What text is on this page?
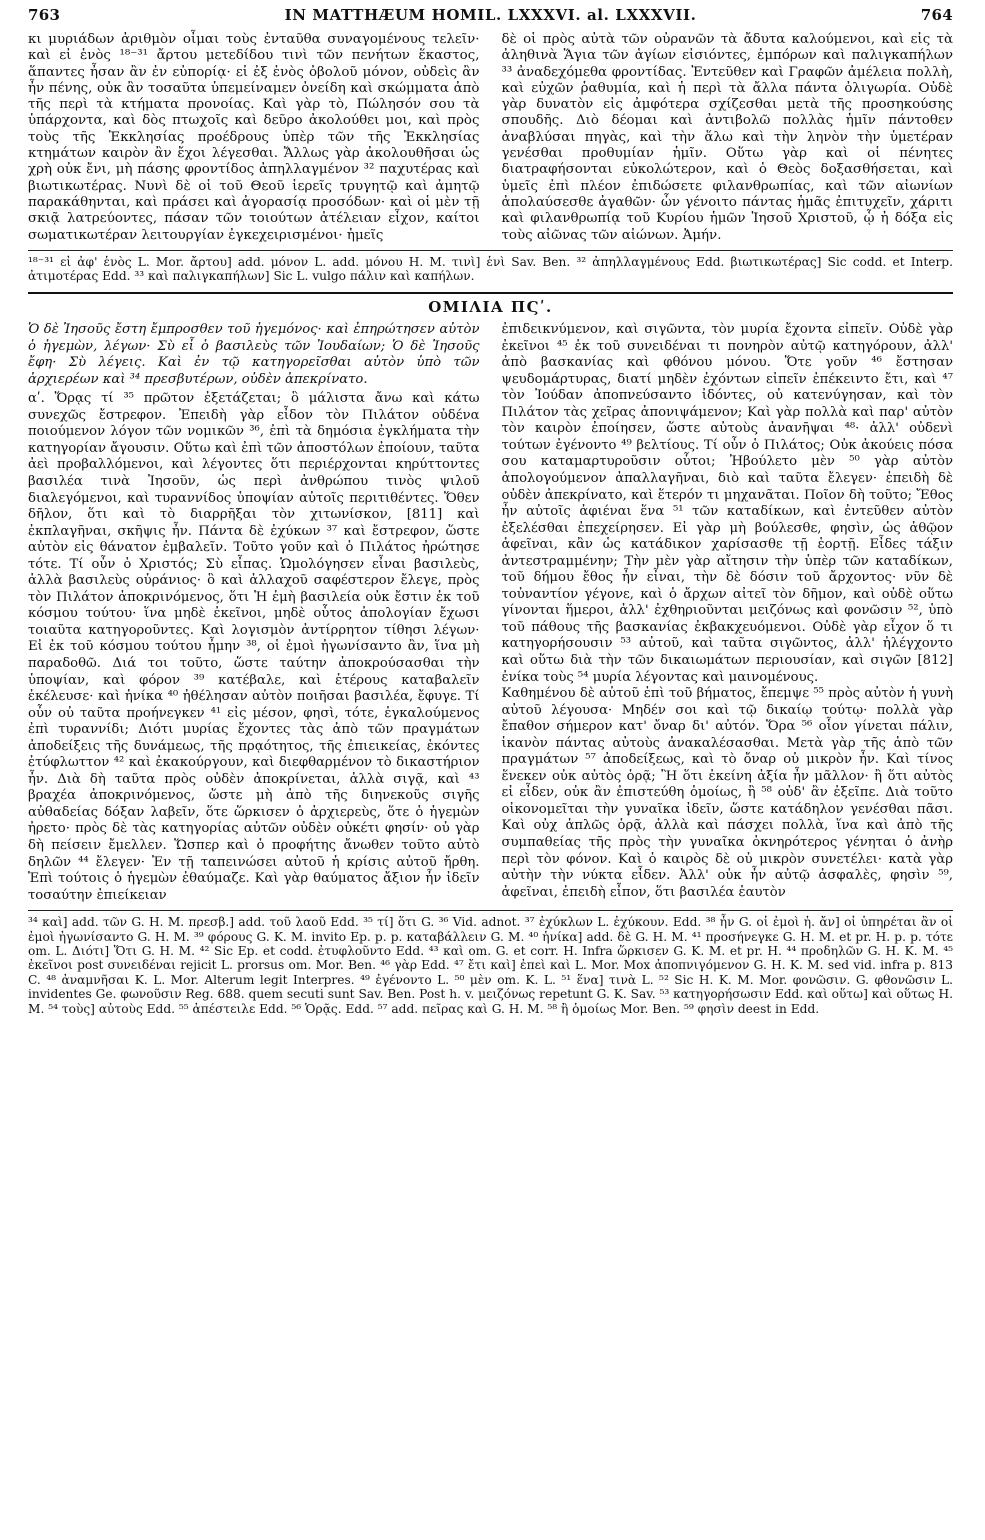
763	IN MATTHÆUM HOMIL. LXXXVI. al. LXXXVII.	764

κι μυριάδων ἀριθμὸν οἶμαι τοὺς ἐνταῦθα συναγομένους τελεῖν· καὶ εἰ ἑνὸς ¹⁸⁻³¹ ἄρτου μετεδίδου τινὶ τῶν πενήτων ἕκαστος, ἅπαντες ἦσαν ἂν ἐν εὐπορίᾳ· εἰ ἐξ ἑνὸς ὀβολοῦ μόνον, οὐδεὶς ἂν ἦν πένης, οὐκ ἂν τοσαῦτα ὑπεμείναμεν ὀνείδη καὶ σκώμματα ἀπὸ τῆς περὶ τὰ κτήματα προνοίας. Καὶ γὰρ τὸ, Πώλησόν σου τὰ ὑπάρχοντα, καὶ δὸς πτωχοῖς καὶ δεῦρο ἀκολούθει μοι, καὶ πρὸς τοὺς τῆς Ἐκκλησίας προέδρους ὑπὲρ τῶν τῆς Ἐκκλησίας κτημάτων καιρὸν ἂν ἔχοι λέγεσθαι. Ἄλλως γὰρ ἀκολουθῆσαι ὡς χρὴ οὐκ ἔνι, μὴ πάσης φροντίδος ἀπηλλαγμένον ³² παχυτέρας καὶ βιωτικωτέρας. Νυνὶ δὲ οἱ τοῦ Θεοῦ ἱερεῖς τρυγητῷ καὶ ἀμητῷ παρακάθηνται, καὶ πράσει καὶ ἀγορασίᾳ προσόδων· καὶ οἱ μὲν τῇ σκιᾷ λατρεύοντες, πάσαν τῶν τοιούτων ἀτέλειαν εἶχον, καίτοι σωματικωτέραν λειτουργίαν ἐγκεχειρισμένοι· ἡμεῖς

δὲ οἱ πρὸς αὐτὰ τῶν οὐρανῶν τὰ ἄδυτα καλούμενοι, καὶ εἰς τὰ ἀληθινὰ Ἅγια τῶν ἁγίων εἰσιόντες, ἐμπόρων καὶ παλιγκαπήλων ³³ ἀναδεχόμεθα φροντίδας. Ἐντεῦθεν καὶ Γραφῶν ἀμέλεια πολλὴ, καὶ εὐχῶν ῥαθυμία, καὶ ἡ περὶ τὰ ἄλλα πάντα ὀλιγωρία. Οὐδὲ γὰρ δυνατὸν εἰς ἀμφότερα σχίζεσθαι μετὰ τῆς προσηκούσης σπουδῆς. Διὸ δέομαι καὶ ἀντιβολῶ πολλὰς ἡμῖν πάντοθεν ἀναβλύσαι πηγὰς, καὶ τὴν ἅλω καὶ τὴν ληνὸν τὴν ὑμετέραν γενέσθαι προθυμίαν ἡμῖν. Οὕτω γὰρ καὶ οἱ πένητες διατραφήσονται εὐκολώτερον, καὶ ὁ Θεὸς δοξασθήσεται, καὶ ὑμεῖς ἐπὶ πλέον ἐπιδώσετε φιλανθρωπίας, καὶ τῶν αἰωνίων ἀπολαύσεσθε ἀγαθῶν· ὧν γένοιτο πάντας ἡμᾶς ἐπιτυχεῖν, χάριτι καὶ φιλανθρωπίᾳ τοῦ Κυρίου ἡμῶν Ἰησοῦ Χριστοῦ, ᾧ ἡ δόξα εἰς τοὺς αἰῶνας τῶν αἰώνων. Ἀμήν.

¹⁸⁻³¹ εἰ ἀφ' ἑνὸς L. Mor. ἄρτου] add. μόνον L. add. μόνου H. M. τινὶ] ἑνὶ Sav. Ben. ³² ἀπηλλαγμένους Edd. βιωτικωτέρας] Sic codd. et Interp. ἀτιμοτέρας Edd. ³³ καὶ παλιγκαπήλων] Sic L. vulgo πάλιν καὶ καπήλων.

ΟΜΙΛΙΑ ΠϚʹ.

Ὁ δὲ Ἰησοῦς ἔστη ἔμπροσθεν τοῦ ἡγεμόνος· καὶ ἐπηρώτησεν αὐτὸν ὁ ἡγεμὼν, λέγων· Σὺ εἶ ὁ βασιλεὺς τῶν Ἰουδαίων; Ὁ δὲ Ἰησοῦς ἔφη· Σὺ λέγεις. Καὶ ἐν τῷ κατηγορεῖσθαι αὐτὸν ὑπὸ τῶν ἀρχιερέων καὶ ³⁴ πρεσβυτέρων, οὐδὲν ἀπεκρίνατο.

αʹ. Ὅρᾳς τί ³⁵ πρῶτον ἐξετάζεται; ὃ μάλιστα ἄνω καὶ κάτω συνεχῶς ἔστρεφον. Ἐπειδὴ γὰρ εἶδον τὸν Πιλάτον οὐδένα ποιούμενον λόγον τῶν νομικῶν ³⁶, ἐπὶ τὰ δημόσια ἐγκλήματα τὴν κατηγορίαν ἄγουσιν. Οὕτω καὶ ἐπὶ τῶν ἀποστόλων ἐποίουν, ταῦτα ἀεὶ προβαλλόμενοι, καὶ λέγοντες ὅτι περιέρχονται κηρύττοντες βασιλέα τινὰ Ἰησοῦν, ὡς περὶ ἀνθρώπου τινὸς ψιλοῦ διαλεγόμενοι, καὶ τυραννίδος ὑποψίαν αὐτοῖς περιτιθέντες. Ὅθεν δῆλον, ὅτι καὶ τὸ διαρρῆξαι τὸν χιτωνίσκον, [811] καὶ ἐκπλαγῆναι, σκῆψις ἦν. Πάντα δὲ ἐχύκων ³⁷ καὶ ἔστρεφον, ὥστε αὐτὸν εἰς θάνατον ἐμβαλεῖν. Τοῦτο γοῦν καὶ ὁ Πιλάτος ἠρώτησε τότε. Τί οὖν ὁ Χριστός; Σὺ εἶπας. Ὡμολόγησεν εἶναι βασιλεὺς, ἀλλὰ βασιλεὺς οὐράνιος· ὃ καὶ ἀλλαχοῦ σαφέστερον ἔλεγε, πρὸς τὸν Πιλάτον ἀποκρινόμενος, ὅτι Ἡ ἐμὴ βασιλεία οὐκ ἔστιν ἐκ τοῦ κόσμου τούτου· ἵνα μηδὲ ἐκεῖνοι, μηδὲ οὗτος ἀπολογίαν ἔχωσι τοιαῦτα κατηγοροῦντες. Καὶ λογισμὸν ἀντίρρητον τίθησι λέγων· Εἰ ἐκ τοῦ κόσμου τούτου ἦμην ³⁸, οἱ ἐμοὶ ἠγωνίσαντο ἂν, ἵνα μὴ παραδοθῶ. Διά τοι τοῦτο, ὥστε ταύτην ἀποκρούσασθαι τὴν ὑποψίαν, καὶ φόρον ³⁹ κατέβαλε, καὶ ἑτέρους καταβαλεῖν ἐκέλευσε· καὶ ἡνίκα ⁴⁰ ἠθέλησαν αὐτὸν ποιῆσαι βασιλέα, ἔφυγε. Τί οὖν οὐ ταῦτα προήνεγκεν ⁴¹ εἰς μέσον, φησὶ, τότε, ἐγκαλούμενος ἐπὶ τυραννίδι; Διότι μυρίας ἔχοντες τὰς ἀπὸ τῶν πραγμάτων ἀποδείξεις τῆς δυνάμεως, τῆς πρᾳότητος, τῆς ἐπιεικείας, ἑκόντες ἐτύφλωττον ⁴² καὶ ἐκακούργουν, καὶ διεφθαρμένον τὸ δικαστήριον ἦν. Διὰ δὴ ταῦτα πρὸς οὐδὲν ἀποκρίνεται, ἀλλὰ σιγᾷ, καὶ ⁴³ βραχέα ἀποκρινόμενος, ὥστε μὴ ἀπὸ τῆς διηνεκοῦς σιγῆς αὐθαδείας δόξαν λαβεῖν, ὅτε ὥρκισεν ὁ ἀρχιερεὺς, ὅτε ὁ ἡγεμὼν ἠρετο· πρὸς δὲ τὰς κατηγορίας αὐτῶν οὐδὲν οὐκέτι φησίν· οὐ γὰρ δὴ πείσειν ἔμελλεν. Ὥσπερ καὶ ὁ προφήτης ἄνωθεν τοῦτο αὐτὸ δηλῶν ⁴⁴ ἔλεγεν· Ἐν τῇ ταπεινώσει αὐτοῦ ἡ κρίσις αὐτοῦ ἤρθη. Ἐπὶ τούτοις ὁ ἡγεμὼν ἐθαύμαζε. Καὶ γὰρ θαύματος ἄξιον ἦν ἰδεῖν τοσαύτην ἐπιείκειαν

ἐπιδεικνύμενον, καὶ σιγῶντα, τὸν μυρία ἔχοντα εἰπεῖν. Οὐδὲ γὰρ ἐκεῖνοι ⁴⁵ ἐκ τοῦ συνειδέναι τι πονηρὸν αὐτῷ κατηγόρουν, ἀλλ' ἀπὸ βασκανίας καὶ φθόνου μόνου. Ὅτε γοῦν ⁴⁶ ἔστησαν ψευδομάρτυρας, διατί μηδὲν ἐχόντων εἰπεῖν ἐπέκειντο ἔτι, καὶ ⁴⁷ τὸν Ἰούδαν ἀποπνεύσαντο ἰδόντες, οὐ κατενύγησαν, καὶ τὸν Πιλάτον τὰς χεῖρας ἀπονιψάμενον; Καὶ γὰρ πολλὰ καὶ παρ' αὐτὸν τὸν καιρὸν ἐποίησεν, ὥστε αὐτοὺς ἀνανῆψαι ⁴⁸· ἀλλ' οὐδενὶ τούτων ἐγένοντο ⁴⁹ βελτίους. Τί οὖν ὁ Πιλάτος; Οὐκ ἀκούεις πόσα σου καταμαρτυροῦσιν οὗτοι; Ἠβούλετο μὲν ⁵⁰ γὰρ αὐτὸν ἀπολογούμενον ἀπαλλαγῆναι, διὸ καὶ ταῦτα ἔλεγεν· ἐπειδὴ δὲ οὐδὲν ἀπεκρίνατο, καὶ ἕτερόν τι μηχανᾶται. Ποῖον δὴ τοῦτο; Ἔθος ἦν αὐτοῖς ἀφιέναι ἕνα ⁵¹ τῶν καταδίκων, καὶ ἐντεῦθεν αὐτὸν ἐξελέσθαι ἐπεχείρησεν. Εἰ γὰρ μὴ βούλεσθε, φησὶν, ὡς ἀθῷον ἀφεῖναι, κἂν ὡς κατάδικον χαρίσασθε τῇ ἑορτῇ. Εἶδες τάξιν ἀντεστραμμένην; Τὴν μὲν γὰρ αἴτησιν τὴν ὑπὲρ τῶν καταδίκων, τοῦ δήμου ἔθος ἦν εἶναι, τὴν δὲ δόσιν τοῦ ἄρχοντος· νῦν δὲ τοὐναντίον γέγονε, καὶ ὁ ἄρχων αἰτεῖ τὸν δῆμον, καὶ οὐδὲ οὕτω γίνονται ἥμεροι, ἀλλ' ἐχθηριοῦνται μειζόνως καὶ φονῶσιν ⁵², ὑπὸ τοῦ πάθους τῆς βασκανίας ἐκβακχευόμενοι. Οὐδὲ γὰρ εἶχον ὅ τι κατηγορήσουσιν ⁵³ αὐτοῦ, καὶ ταῦτα σιγῶντος, ἀλλ' ἠλέγχοντο καὶ οὕτω διὰ τὴν τῶν δικαιωμάτων περιουσίαν, καὶ σιγῶν [812] ἐνίκα τοὺς ⁵⁴ μυρία λέγοντας καὶ μαινομένους.

Καθημένου δὲ αὐτοῦ ἐπὶ τοῦ βήματος, ἔπεμψε ⁵⁵ πρὸς αὐτὸν ἡ γυνὴ αὐτοῦ λέγουσα· Μηδέν σοι καὶ τῷ δικαίῳ τούτῳ· πολλὰ γὰρ ἔπαθον σήμερον κατ' ὄναρ δι' αὐτόν. Ὅρα ⁵⁶ οἷον γίνεται πάλιν, ἱκανὸν πάντας αὐτοὺς ἀνακαλέσασθαι. Μετὰ γὰρ τῆς ἀπὸ τῶν πραγμάτων ⁵⁷ ἀποδείξεως, καὶ τὸ ὄναρ οὐ μικρὸν ἦν. Καὶ τίνος ἕνεκεν οὐκ αὐτὸς ὁρᾷ; Ἢ ὅτι ἐκείνη ἀξία ἦν μᾶλλον· ἢ ὅτι αὐτὸς εἰ εἶδεν, οὐκ ἂν ἐπιστεύθη ὁμοίως, ἢ ⁵⁸ οὐδ' ἂν ἐξεῖπε. Διὰ τοῦτο οἰκονομεῖται τὴν γυναῖκα ἰδεῖν, ὥστε κατάδηλον γενέσθαι πᾶσι. Καὶ οὐχ ἁπλῶς ὁρᾷ, ἀλλὰ καὶ πάσχει πολλὰ, ἵνα καὶ ἀπὸ τῆς συμπαθείας τῆς πρὸς τὴν γυναῖκα ὀκνηρότερος γένηται ὁ ἀνὴρ περὶ τὸν φόνον. Καὶ ὁ καιρὸς δὲ οὐ μικρὸν συνετέλει· κατὰ γὰρ αὐτὴν τὴν νύκτα εἶδεν. Ἀλλ' οὐκ ἦν αὐτῷ ἀσφαλὲς, φησὶν ⁵⁹, ἀφεῖναι, ἐπειδὴ εἶπον, ὅτι βασιλέα ἑαυτὸν

³⁴ καὶ] add. τῶν G. H. M. πρεσβ.] add. τοῦ λαοῦ Edd. ³⁵ τί] ὅτι G. ³⁶ Vid. adnot. ³⁷ ἐχύκλων L. ἐχύκουν. Edd. ³⁸ ἦν G. οἱ ἐμοὶ ἠ. ἄν] οἱ ὑπηρέται ἂν οἱ ἐμοὶ ἠγωνίσαντο G. H. M. ³⁹ φόρους G. K. M. invito Ep. p. p. καταβάλλειν G. M. ⁴⁰ ἡνίκα] add. δὲ G. H. M. ⁴¹ προσήνεγκε G. H. M. et pr. H. p. p. τότε om. L. Διότι] Ὅτι G. H. M. ⁴² Sic Ep. et codd. ἐτυφλοῦντο Edd. ⁴³ καὶ om. G. et corr. H. Infra ὥρκισεν G. K. M. et pr. H. ⁴⁴ προδηλῶν G. H. K. M. ⁴⁵ ἐκεῖνοι post συνειδέναι rejicit L. prorsus om. Mor. Ben. ⁴⁶ γὰρ Edd. ⁴⁷ ἔτι καὶ] ἐπεὶ καὶ L. Mor. Mox ἀποπνιγόμενον G. H. K. M. sed vid. infra p. 813 C. ⁴⁸ ἀναμνῆσαι K. L. Mor. Alterum legit Interpres. ⁴⁹ ἐγένοντο L. ⁵⁰ μὲν om. K. L. ⁵¹ ἕνα] τινὰ L. ⁵² Sic H. K. M. Mor. φονῶσιν. G. φθονῶσιν L. invidentes Ge. φωνοῦσιν Reg. 688. quem secuti sunt Sav. Ben. Post h. v. μειζόνως repetunt G. K. Sav. ⁵³ κατηγορήσωσιν Edd. καὶ οὕτω] καὶ οὕτως H. M. ⁵⁴ τοὺς] αὐτοὺς Edd. ⁵⁵ ἀπέστειλε Edd. ⁵⁶ Ὁρᾷς. Edd. ⁵⁷ add. πεῖρας καὶ G. H. M. ⁵⁸ ἢ ὁμοίως Mor. Ben. ⁵⁹ φησὶν deest in Edd.
